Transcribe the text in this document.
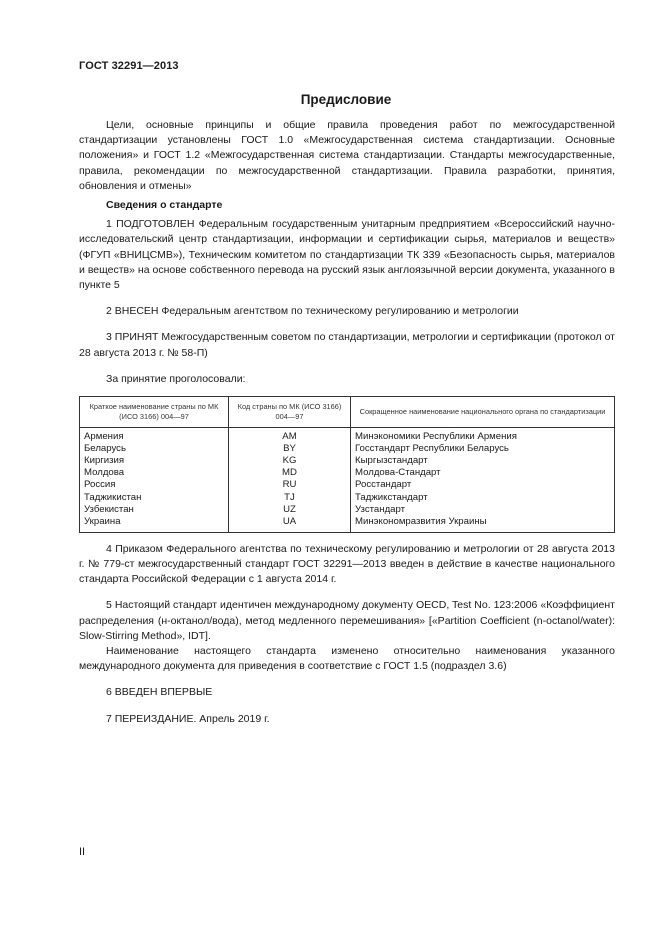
ГОСТ 32291—2013
Предисловие

Цели, основные принципы и общие правила проведения работ по межгосударственной стандартизации установлены ГОСТ 1.0 «Межгосударственная система стандартизации. Основные положения» и ГОСТ 1.2 «Межгосударственная система стандартизации. Стандарты межгосударственные, правила, рекомендации по межгосударственной стандартизации. Правила разработки, принятия, обновления и отмены»

Сведения о стандарте

1 ПОДГОТОВЛЕН Федеральным государственным унитарным предприятием «Всероссийский научно-исследовательский центр стандартизации, информации и сертификации сырья, материалов и веществ» (ФГУП «ВНИЦСМВ»), Техническим комитетом по стандартизации ТК 339 «Безопасность сырья, материалов и веществ» на основе собственного перевода на русский язык англоязычной версии документа, указанного в пункте 5

2 ВНЕСЕН Федеральным агентством по техническому регулированию и метрологии

3 ПРИНЯТ Межгосударственным советом по стандартизации, метрологии и сертификации (протокол от 28 августа 2013 г. № 58-П)

За принятие проголосовали:

Краткое наименование страны по МК (ИСО 3166) 004—97	Код страны по МК (ИСО 3166) 004—97	Сокращенное наименование национального органа по стандартизации
Армения	AM	Минэкономики Республики Армения
Беларусь	BY	Госстандарт Республики Беларусь
Киргизия	KG	Кыргызстандарт
Молдова	MD	Молдова-Стандарт
Россия	RU	Росстандарт
Таджикистан	TJ	Таджикстандарт
Узбекистан	UZ	Узстандарт
Украина	UA	Минэкономразвития Украины

4 Приказом Федерального агентства по техническому регулированию и метрологии от 28 августа 2013 г. № 779-ст межгосударственный стандарт ГОСТ 32291—2013 введен в действие в качестве национального стандарта Российской Федерации с 1 августа 2014 г.

5 Настоящий стандарт идентичен международному документу OECD, Test No. 123:2006 «Коэффициент распределения (н-октанол/вода), метод медленного перемешивания» [«Partition Coefficient (n-octanol/water): Slow-Stirring Method», IDT].

Наименование настоящего стандарта изменено относительно наименования указанного международного документа для приведения в соответствие с ГОСТ 1.5 (подраздел 3.6)

6 ВВЕДЕН ВПЕРВЫЕ

7 ПЕРЕИЗДАНИЕ. Апрель 2019 г.

II
